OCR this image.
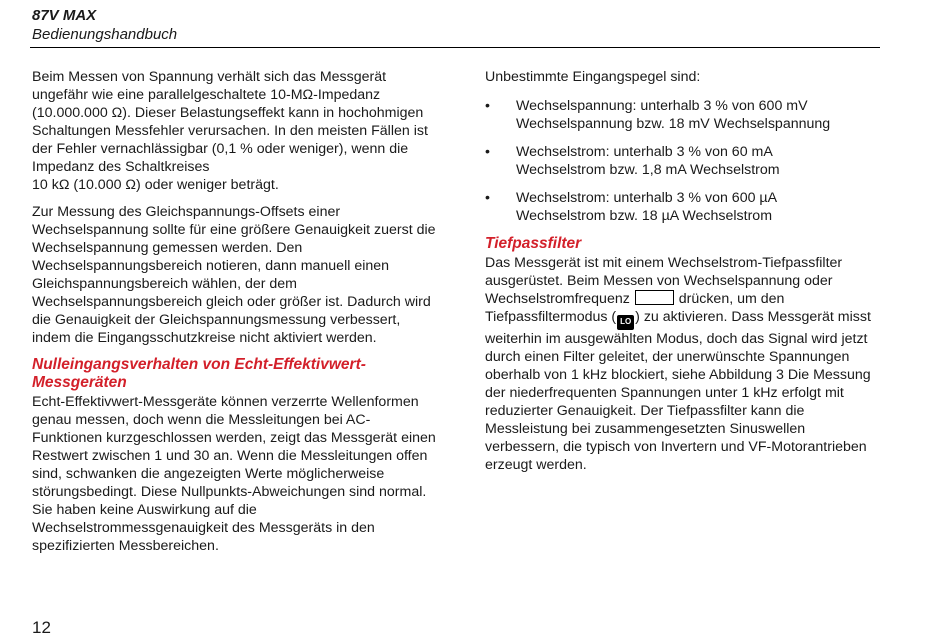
87V MAX
Bedienungshandbuch

Beim Messen von Spannung verhält sich das Messgerät ungefähr wie eine parallelgeschaltete 10-MΩ-Impedanz (10.000.000 Ω). Dieser Belastungseffekt kann in hochohmigen Schaltungen Messfehler verursachen. In den meisten Fällen ist der Fehler vernachlässigbar (0,1 % oder weniger), wenn die Impedanz des Schaltkreises
10 kΩ (10.000 Ω) oder weniger beträgt.

Zur Messung des Gleichspannungs-Offsets einer Wechselspannung sollte für eine größere Genauigkeit zuerst die Wechselspannung gemessen werden. Den Wechselspannungsbereich notieren, dann manuell einen Gleichspannungsbereich wählen, der dem Wechselspannungsbereich gleich oder größer ist. Dadurch wird die Genauigkeit der Gleichspannungsmessung verbessert, indem die Eingangsschutzkreise nicht aktiviert werden.

Nulleingangsverhalten von Echt-Effektivwert-
Messgeräten

Echt-Effektivwert-Messgeräte können verzerrte Wellenformen genau messen, doch wenn die Messleitungen bei AC-Funktionen kurzgeschlossen werden, zeigt das Messgerät einen Restwert zwischen 1 und 30 an. Wenn die Messleitungen offen sind, schwanken die angezeigten Werte möglicherweise störungsbedingt. Diese Nullpunkts-Abweichungen sind normal. Sie haben keine Auswirkung auf die Wechselstrommessgenauigkeit des Messgeräts in den spezifizierten Messbereichen.

Unbestimmte Eingangspegel sind:

• Wechselspannung: unterhalb 3 % von 600 mV
Wechselspannung bzw. 18 mV Wechselspannung
• Wechselstrom: unterhalb 3 % von 60 mA
Wechselstrom bzw. 1,8 mA Wechselstrom
• Wechselstrom: unterhalb 3 % von 600 µA
Wechselstrom bzw. 18 µA Wechselstrom
Tiefpassfilter

Das Messgerät ist mit einem Wechselstrom-Tiefpassfilter ausgerüstet. Beim Messen von Wechselspannung oder Wechselstromfrequenz	drücken, um den Tiefpassfiltermodus ( LO ) zu aktivieren. Dass Messgerät misst weiterhin im ausgewählten Modus, doch das Signal wird jetzt durch einen Filter geleitet, der unerwünschte Spannungen oberhalb von 1 kHz blockiert, siehe Abbildung 3 Die Messung der niederfrequenten Spannungen unter 1 kHz erfolgt mit reduzierter Genauigkeit. Der Tiefpassfilter kann die Messleistung bei zusammengesetzten Sinuswellen verbessern, die typisch von Invertern und VF-Motorantrieben erzeugt werden.

12
